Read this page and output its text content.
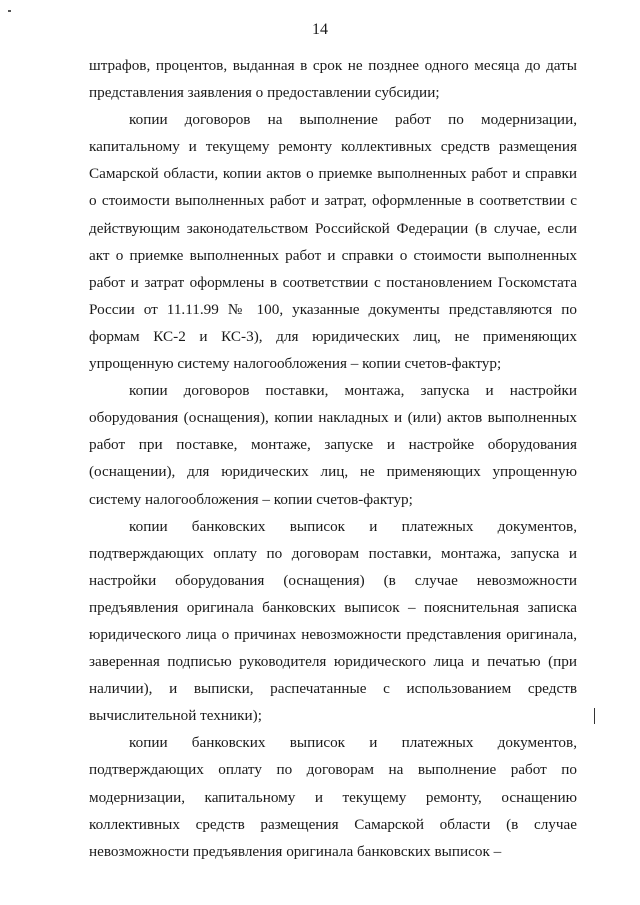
14

штрафов, процентов, выданная в срок не позднее одного месяца до даты представления заявления о предоставлении субсидии;

копии договоров на выполнение работ по модернизации, капитальному и текущему ремонту коллективных средств размещения Самарской области, копии актов о приемке выполненных работ и справки о стоимости выполненных работ и затрат, оформленные в соответствии с действующим законодательством Российской Федерации (в случае, если акт о приемке выполненных работ и справки о стоимости выполненных работ и затрат оформлены в соответствии с постановлением Госкомстата России от 11.11.99 № 100, указанные документы представляются по формам КС-2 и КС-3), для юридических лиц, не применяющих упрощенную систему налогообложения – копии счетов-фактур;

копии договоров поставки, монтажа, запуска и настройки оборудования (оснащения), копии накладных и (или) актов выполненных работ при поставке, монтаже, запуске и настройке оборудования (оснащении), для юридических лиц, не применяющих упрощенную систему налогообложения – копии счетов-фактур;

копии банковских выписок и платежных документов, подтверждающих оплату по договорам поставки, монтажа, запуска и настройки оборудования (оснащения) (в случае невозможности предъявления оригинала банковских выписок – пояснительная записка юридического лица о причинах невозможности представления оригинала, заверенная подписью руководителя юридического лица и печатью (при наличии), и выписки, распечатанные с использованием средств вычислительной техники);

копии банковских выписок и платежных документов, подтверждающих оплату по договорам на выполнение работ по модернизации, капитальному и текущему ремонту, оснащению коллективных средств размещения Самарской области (в случае невозможности предъявления оригинала банковских выписок –
